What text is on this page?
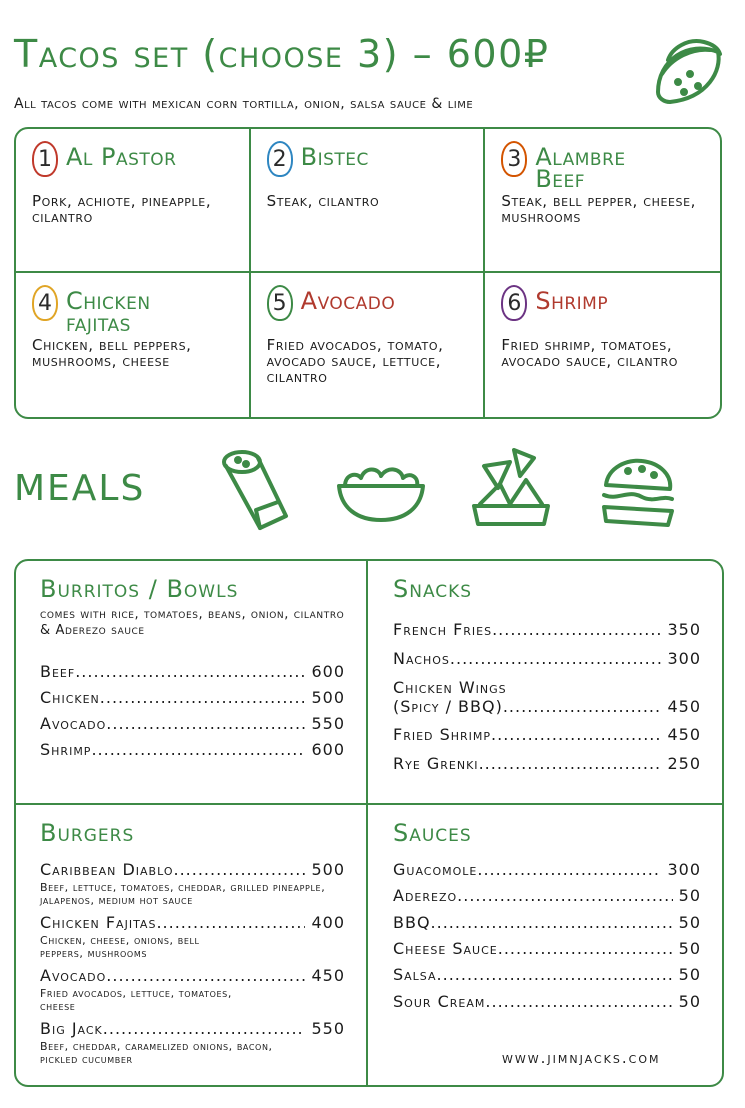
Tacos set (choose 3) – 600₽
All tacos come with mexican corn tortilla, onion, salsa sauce & lime
1 Al Pastor
Pork, achiote, pineapple, cilantro
2 Bistec
Steak, cilantro
3 Alambre Beef
Steak, bell pepper, cheese, mushrooms
4 Chicken fajitas
Chicken, bell peppers, mushrooms, cheese
5 Avocado
Fried avocados, tomato, avocado sauce, lettuce, cilantro
6 Shrimp
Fried shrimp, tomatoes, avocado sauce, cilantro
MEALS
Burritos / Bowls
comes with rice, tomatoes, beans, onion, cilantro & Aderezo sauce
Beef .....	600
Chicken .....	500
Avocado .....	550
Shrimp .....	600
Snacks
French Fries .....	350
Nachos .....	300
Chicken Wings
(Spicy / BBQ) .....	450
Fried Shrimp .....	450
Rye Grenki .....	250
Burgers
Caribbean Diablo .....	500
Beef, lettuce, tomatoes, cheddar, grilled pineapple, jalapenos, medium hot sauce
Chicken Fajitas .....	400
Chicken, cheese, onions, bell peppers, mushrooms
Avocado .....	450
Fried avocados, lettuce, tomatoes, cheese
Big Jack .....	550
Beef, cheddar, caramelized onions, bacon, pickled cucumber
Sauces
Guacomole .....	300
Aderezo .....	50
BBQ .....	50
Cheese Sauce .....	50
Salsa .....	50
Sour Cream .....	50
www.jimnjacks.com
